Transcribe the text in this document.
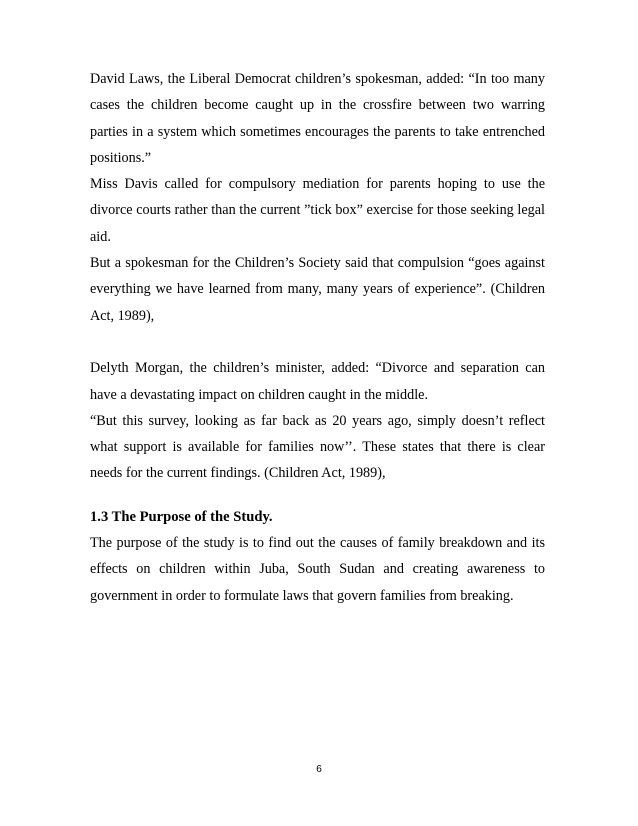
David Laws, the Liberal Democrat children’s spokesman, added: “In too many cases the children become caught up in the crossfire between two warring parties in a system which sometimes encourages the parents to take entrenched positions.”

Miss Davis called for compulsory mediation for parents hoping to use the divorce courts rather than the current ”tick box” exercise for those seeking legal aid.

But a spokesman for the Children’s Society said that compulsion “goes against everything we have learned from many, many years of experience”. (Children Act, 1989),

Delyth Morgan, the children’s minister, added: “Divorce and separation can have a devastating impact on children caught in the middle.

“But this survey, looking as far back as 20 years ago, simply doesn’t reflect what support is available for families now’’. These states that there is clear needs for the current findings. (Children Act, 1989),

1.3 The Purpose of the Study.

The purpose of the study is to find out the causes of family breakdown and its effects on children within Juba, South Sudan and creating awareness to government in order to formulate laws that govern families from breaking.

6
